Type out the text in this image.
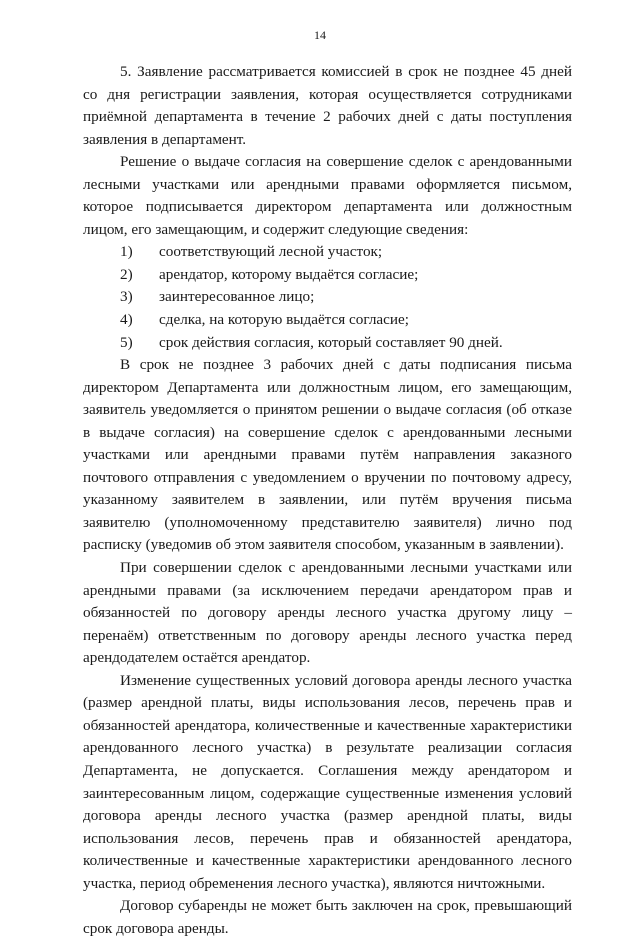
14

5. Заявление рассматривается комиссией в срок не позднее 45 дней со дня регистрации заявления, которая осуществляется сотрудниками приёмной департамента в течение 2 рабочих дней с даты поступления заявления в департамент.

Решение о выдаче согласия на совершение сделок с арендованными лесными участками или арендными правами оформляется письмом, которое подписывается директором департамента или должностным лицом, его замещающим, и содержит следующие сведения:

1)	соответствующий лесной участок;
2)	арендатор, которому выдаётся согласие;
3)	заинтересованное лицо;
4)	сделка, на которую выдаётся согласие;
5)	срок действия согласия, который составляет 90 дней.

В срок не позднее 3 рабочих дней с даты подписания письма директором Департамента или должностным лицом, его замещающим, заявитель уведомляется о принятом решении о выдаче согласия (об отказе в выдаче согласия) на совершение сделок с арендованными лесными участками или арендными правами путём направления заказного почтового отправления с уведомлением о вручении по почтовому адресу, указанному заявителем в заявлении, или путём вручения письма заявителю (уполномоченному представителю заявителя) лично под расписку (уведомив об этом заявителя способом, указанным в заявлении).

При совершении сделок с арендованными лесными участками или арендными правами (за исключением передачи арендатором прав и обязанностей по договору аренды лесного участка другому лицу – перенаём) ответственным по договору аренды лесного участка перед арендодателем остаётся арендатор.

Изменение существенных условий договора аренды лесного участка (размер арендной платы, виды использования лесов, перечень прав и обязанностей арендатора, количественные и качественные характеристики арендованного лесного участка) в результате реализации согласия Департамента, не допускается. Соглашения между арендатором и заинтересованным лицом, содержащие существенные изменения условий договора аренды лесного участка (размер арендной платы, виды использования лесов, перечень прав и обязанностей арендатора, количественные и качественные характеристики арендованного лесного участка, период обременения лесного участка), являются ничтожными.

Договор субаренды не может быть заключен на срок, превышающий срок договора аренды.
